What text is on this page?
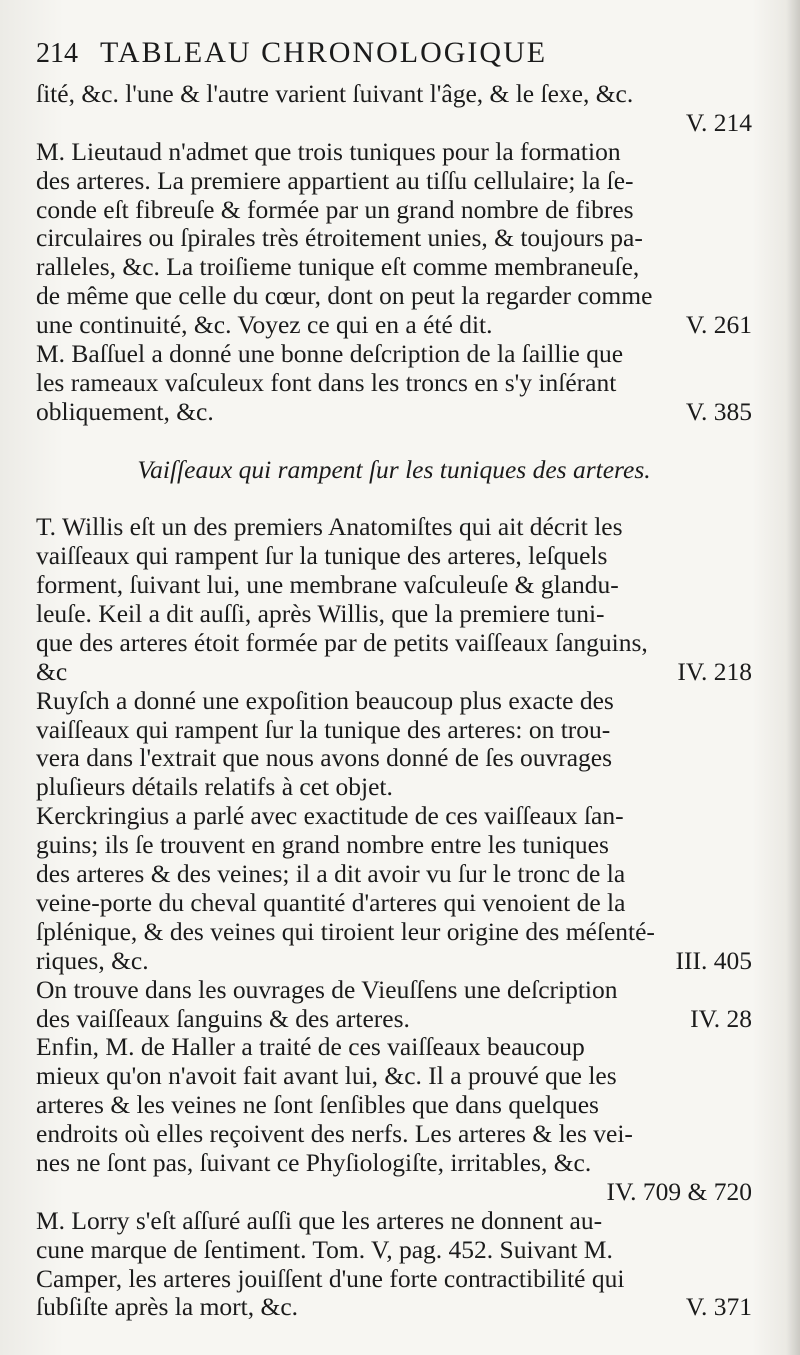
214 TABLEAU CHRONOLOGIQUE
ſité, &c. l'une & l'autre varient ſuivant l'âge, & le ſexe, &c.
V. 214
M. Lieutaud n'admet que trois tuniques pour la formation
des arteres. La premiere appartient au tiſſu cellulaire; la ſe-
conde eſt fibreuſe & formée par un grand nombre de fibres
circulaires ou ſpirales très étroitement unies, & toujours pa-
ralleles, &c. La troiſieme tunique eſt comme membraneuſe,
de même que celle du cœur, dont on peut la regarder comme
une continuité, &c. Voyez ce qui en a été dit.	V. 261
M. Baſſuel a donné une bonne deſcription de la ſaillie que
les rameaux vaſculeux font dans les troncs en s'y inſérant
obliquement, &c.	V. 385
Vaiſſeaux qui rampent ſur les tuniques des arteres.
T. Willis eſt un des premiers Anatomiſtes qui ait décrit les
vaiſſeaux qui rampent ſur la tunique des arteres, leſquels
forment, ſuivant lui, une membrane vaſculeuſe & glandu-
leuſe. Keil a dit auſſi, après Willis, que la premiere tuni-
que des arteres étoit formée par de petits vaiſſeaux ſanguins,
&c	IV. 218
Ruyſch a donné une expoſition beaucoup plus exacte des
vaiſſeaux qui rampent ſur la tunique des arteres: on trou-
vera dans l'extrait que nous avons donné de ſes ouvrages
pluſieurs détails relatifs à cet objet.
Kerckringius a parlé avec exactitude de ces vaiſſeaux ſan-
guins; ils ſe trouvent en grand nombre entre les tuniques
des arteres & des veines; il a dit avoir vu ſur le tronc de la
veine-porte du cheval quantité d'arteres qui venoient de la
ſplénique, & des veines qui tiroient leur origine des méſenté-
riques, &c.	III. 405
On trouve dans les ouvrages de Vieuſſens une deſcription
des vaiſſeaux ſanguins & des arteres.	IV. 28
Enfin, M. de Haller a traité de ces vaiſſeaux beaucoup
mieux qu'on n'avoit fait avant lui, &c. Il a prouvé que les
arteres & les veines ne ſont ſenſibles que dans quelques
endroits où elles reçoivent des nerfs. Les arteres & les vei-
nes ne ſont pas, ſuivant ce Phyſiologiſte, irritables, &c.
IV. 709 & 720
M. Lorry s'eſt aſſuré auſſi que les arteres ne donnent au-
cune marque de ſentiment. Tom. V, pag. 452. Suivant M.
Camper, les arteres jouiſſent d'une forte contractibilité qui
ſubſiſte après la mort, &c.	V. 371
